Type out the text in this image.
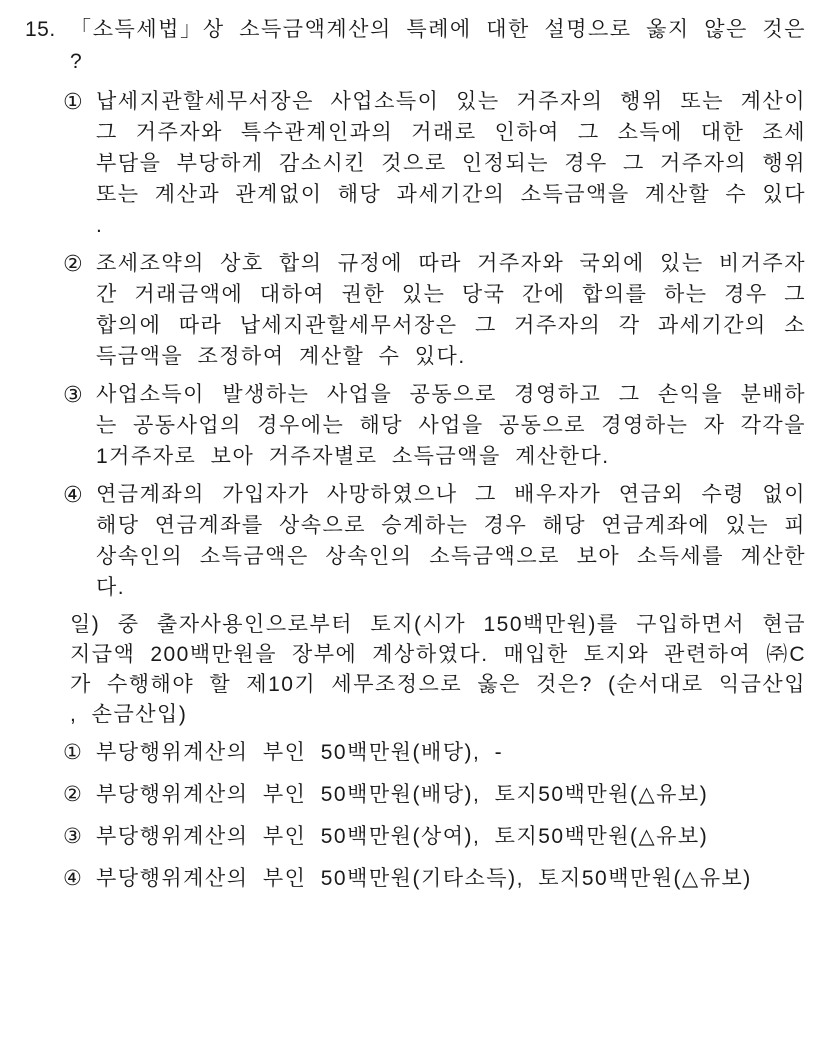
15. 「소득세법」상 소득금액계산의 특례에 대한 설명으로 옳지 않은 것은?
① 납세지관할세무서장은 사업소득이 있는 거주자의 행위 또는 계산이 그 거주자와 특수관계인과의 거래로 인하여 그 소득에 대한 조세 부담을 부당하게 감소시킨 것으로 인정되는 경우 그 거주자의 행위 또는 계산과 관계없이 해당 과세기간의 소득금액을 계산할 수 있다.
② 조세조약의 상호 합의 규정에 따라 거주자와 국외에 있는 비거주자 간 거래금액에 대하여 권한 있는 당국 간에 합의를 하는 경우 그 합의에 따라 납세지관할세무서장은 그 거주자의 각 과세기간의 소득금액을 조정하여 계산할 수 있다.
③ 사업소득이 발생하는 사업을 공동으로 경영하고 그 손익을 분배하는 공동사업의 경우에는 해당 사업을 공동으로 경영하는 자 각각을 1거주자로 보아 거주자별로 소득금액을 계산한다.
④ 연금계좌의 가입자가 사망하였으나 그 배우자가 연금외 수령 없이 해당 연금계좌를 상속으로 승계하는 경우 해당 연금계좌에 있는 피상속인의 소득금액은 상속인의 소득금액으로 보아 소득세를 계산한다.
일) 중 출자사용인으로부터 토지(시가 150백만원)를 구입하면서 현금 지급액 200백만원을 장부에 계상하였다. 매입한 토지와 관련하여 ㈜C가 수행해야 할 제10기 세무조정으로 옳은 것은? (순서대로 익금산입, 손금산입)
① 부당행위계산의 부인 50백만원(배당), -
② 부당행위계산의 부인 50백만원(배당), 토지50백만원(△유보)
③ 부당행위계산의 부인 50백만원(상여), 토지50백만원(△유보)
④ 부당행위계산의 부인 50백만원(기타소득), 토지50백만원(△유보)
